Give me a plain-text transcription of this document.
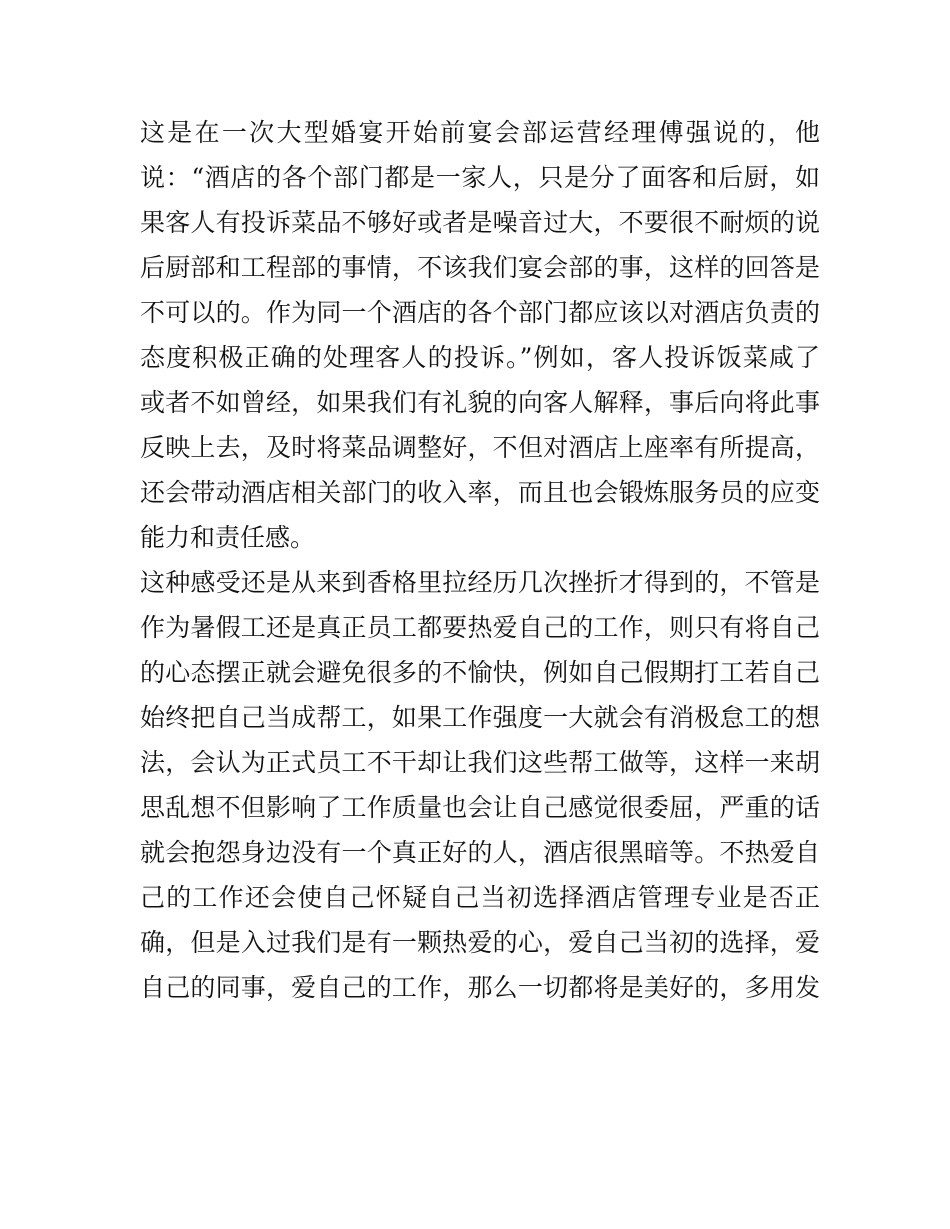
这是在一次大型婚宴开始前宴会部运营经理傅强说的，他
说：“酒店的各个部门都是一家人，只是分了面客和后厨，如
果客人有投诉菜品不够好或者是噪音过大，不要很不耐烦的说
后厨部和工程部的事情，不该我们宴会部的事，这样的回答是
不可以的。作为同一个酒店的各个部门都应该以对酒店负责的
态度积极正确的处理客人的投诉。”例如，客人投诉饭菜咸了
或者不如曾经，如果我们有礼貌的向客人解释，事后向将此事
反映上去，及时将菜品调整好，不但对酒店上座率有所提高，
还会带动酒店相关部门的收入率，而且也会锻炼服务员的应变
能力和责任感。
这种感受还是从来到香格里拉经历几次挫折才得到的，不管是
作为暑假工还是真正员工都要热爱自己的工作，则只有将自己
的心态摆正就会避免很多的不愉快，例如自己假期打工若自己
始终把自己当成帮工，如果工作强度一大就会有消极怠工的想
法，会认为正式员工不干却让我们这些帮工做等，这样一来胡
思乱想不但影响了工作质量也会让自己感觉很委屈，严重的话
就会抱怨身边没有一个真正好的人，酒店很黑暗等。不热爱自
己的工作还会使自己怀疑自己当初选择酒店管理专业是否正
确，但是入过我们是有一颗热爱的心，爱自己当初的选择，爱
自己的同事，爱自己的工作，那么一切都将是美好的，多用发
